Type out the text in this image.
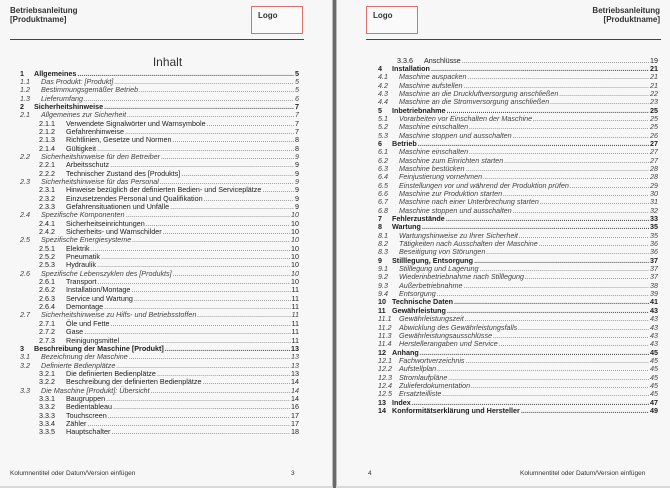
Betriebsanleitung
[Produktname]	Logo
Inhalt
1	Allgemeines .....	5
1.1	Das Produkt: [Produkt] .....	5
1.2	Bestimmungsgemäßer Betrieb .....	5
1.3	Lieferumfang .....	6
2	Sicherheitshinweise .....	7
2.1	Allgemeines zur Sicherheit .....	7
2.1.1	Verwendete Signalwörter und Warnsymbole .....	7
2.1.2	Gefahrenhinweise .....	7
2.1.3	Richtlinien, Gesetze und Normen .....	8
2.1.4	Gültigkeit .....	8
2.2	Sicherheitshinweise für den Betreiber .....	9
2.2.1	Arbeitsschutz .....	9
2.2.2	Technischer Zustand des [Produkts] .....	9
2.3	Sicherheitshinweise für das Personal .....	9
2.3.1	Hinweise bezüglich der definierten Bedien- und Serviceplätze .....	9
2.3.2	Einzusetzendes Personal und Qualifikation .....	9
2.3.3	Gefahrensituationen und Unfälle .....	9
2.4	Spezifische Komponenten .....	10
2.4.1	Sicherheitseinrichtungen .....	10
2.4.2	Sicherheits- und Warnschilder .....	10
2.5	Spezifische Energiesysteme .....	10
2.5.1	Elektrik .....	10
2.5.2	Pneumatik .....	10
2.5.3	Hydraulik .....	10
2.6	Spezifische Lebenszyklen des [Produkts] .....	10
2.6.1	Transport .....	10
2.6.2	Installation/Montage .....	11
2.6.3	Service und Wartung .....	11
2.6.4	Demontage .....	11
2.7	Sicherheitshinweise zu Hilfs- und Betriebsstoffen .....	11
2.7.1	Öle und Fette .....	11
2.7.2	Gase .....	11
2.7.3	Reinigungsmittel .....	11
3	Beschreibung der Maschine [Produkt] .....	13
3.1	Bezeichnung der Maschine .....	13
3.2	Definierte Bedienplätze .....	13
3.2.1	Die definierten Bedienplätze .....	13
3.2.2	Beschreibung der definierten Bedienplätze .....	14
3.3	Die Maschine [Produkt]: Übersicht .....	14
3.3.1	Baugruppen .....	14
3.3.2	Bedientableau .....	16
3.3.3	Touchscreen .....	17
3.3.4	Zähler .....	17
3.3.5	Hauptschalter .....	18
Kolumnentitel oder Datum/Version einfügen	3
Logo
Betriebsanleitung
[Produktname]
3.3.6	Anschlüsse .....	19
4	Installation .....	21
4.1	Maschine auspacken .....	21
4.2	Maschine aufstellen .....	21
4.3	Maschine an die Druckluftversorgung anschließen .....	22
4.4	Maschine an die Stromversorgung anschließen .....	23
5	Inbetriebnahme .....	25
5.1	Vorarbeiten vor Einschalten der Maschine .....	25
5.2	Maschine einschalten .....	25
5.3	Maschine stoppen und ausschalten .....	26
6	Betrieb .....	27
6.1	Maschine einschalten .....	27
6.2	Maschine zum Einrichten starten .....	27
6.3	Maschine bestücken .....	28
6.4	Feinjustierung vornehmen .....	28
6.5	Einstellungen vor und während der Produktion prüfen .....	29
6.6	Maschine zur Produktion starten .....	30
6.7	Maschine nach einer Unterbrechung starten .....	31
6.8	Maschine stoppen und ausschalten .....	32
7	Fehlerzustände .....	33
8	Wartung .....	35
8.1	Wartungshinweise zu Ihrer Sicherheit .....	35
8.2	Tätigkeiten nach Ausschalten der Maschine .....	36
8.3	Beseitigung von Störungen .....	36
9	Stilllegung, Entsorgung .....	37
9.1	Stilllegung und Lagerung .....	37
9.2	Wiederinbetriebnahme nach Stilllegung .....	37
9.3	Außerbetriebnahme .....	38
9.4	Entsorgung .....	39
10 Technische Daten .....	41
11 Gewährleistung .....	43
11.1	Gewährleistungszeit .....	43
11.2	Abwicklung des Gewährleistungsfalls .....	43
11.3	Gewährleistungsausschlüsse .....	43
11.4	Herstellerangaben und Service .....	43
12 Anhang .....	45
12.1 Fachwortverzeichnis .....	45
12.2 Aufstellplan .....	45
12.3 Stromlaufpläne .....	45
12.4 Zulieferdokumentation .....	45
12.5 Ersatzteilliste .....	45
13 Index .....	47
14 Konformitätserklärung und Hersteller .....	49
4	Kolumnentitel oder Datum/Version einfügen
